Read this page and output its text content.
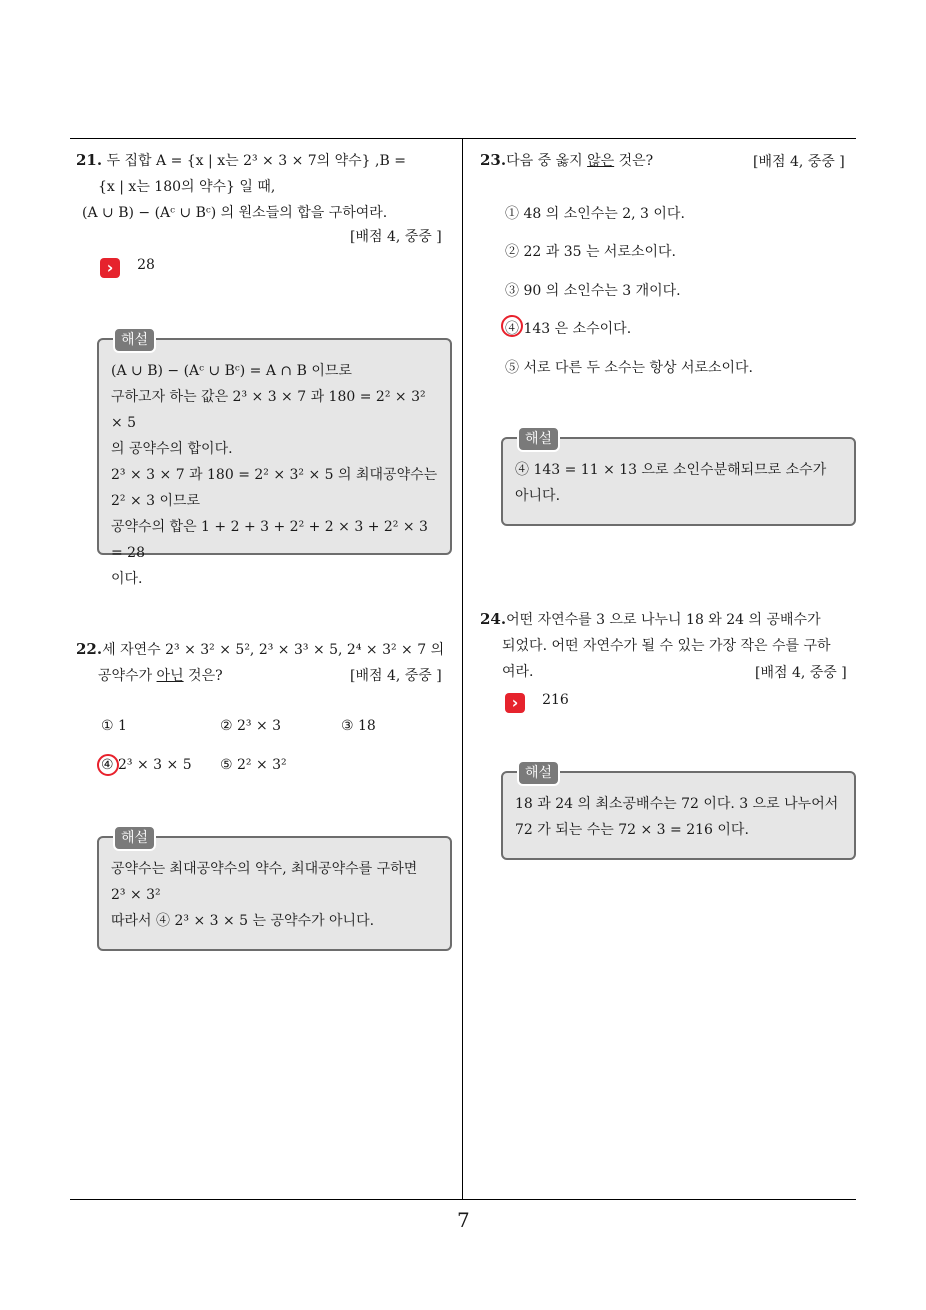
21. 두 집합 A = {x | x는 2³ × 3 × 7의 약수} ,B =
{x | x는 180의 약수} 일 때,
(A ∪ B) − (Aᶜ ∪ Bᶜ) 의 원소들의 합을 구하여라.
[배점 4, 중중 ]
› 28
해설
(A ∪ B) − (Aᶜ ∪ Bᶜ) = A ∩ B 이므로
구하고자 하는 값은 2³ × 3 × 7 과 180 = 2² × 3² × 5
의 공약수의 합이다.
2³ × 3 × 7 과 180 = 2² × 3² × 5 의 최대공약수는
2² × 3 이므로
공약수의 합은 1 + 2 + 3 + 2² + 2 × 3 + 2² × 3 = 28
이다.
22.세 자연수 2³ × 3² × 5², 2³ × 3³ × 5, 2⁴ × 3² × 7 의
공약수가 아닌 것은?	[배점 4, 중중 ]
① 1	② 2³ × 3	③ 18
④ 2³ × 3 × 5 ⑤ 2² × 3²
해설
공약수는 최대공약수의 약수, 최대공약수를 구하면
2³ × 3²
따라서 ④ 2³ × 3 × 5 는 공약수가 아니다.
23.다음 중 옳지 않은 것은?	[배점 4, 중중 ]
① 48 의 소인수는 2, 3 이다.
② 22 과 35 는 서로소이다.
③ 90 의 소인수는 3 개이다.
④ 143 은 소수이다.
⑤ 서로 다른 두 소수는 항상 서로소이다.
해설
④ 143 = 11 × 13 으로 소인수분해되므로 소수가
아니다.
24.어떤 자연수를 3 으로 나누니 18 와 24 의 공배수가
되었다. 어떤 자연수가 될 수 있는 가장 작은 수를 구하
여라.	[배점 4, 중중 ]
› 216
해설
18 과 24 의 최소공배수는 72 이다. 3 으로 나누어서
72 가 되는 수는 72 × 3 = 216 이다.
7
